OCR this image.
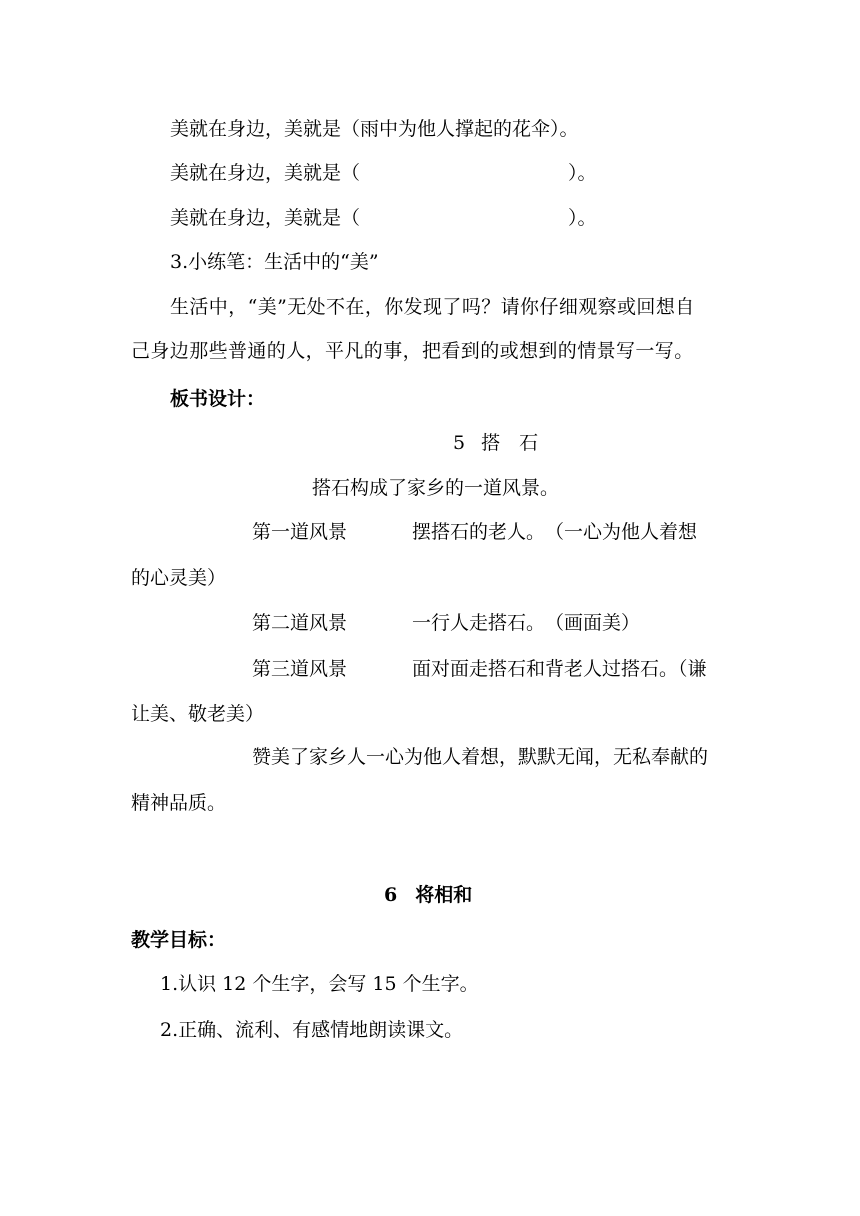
美就在身边，美就是（雨中为他人撑起的花伞）。
美就在身边，美就是（	）。
美就在身边，美就是（	）。
3.小练笔：生活中的“美”
生活中，“美”无处不在，你发现了吗？请你仔细观察或回想自
己身边那些普通的人，平凡的事，把看到的或想到的情景写一写。
板书设计：
5 搭　石
搭石构成了家乡的一道风景。
第一道风景	摆搭石的老人。　（一心为他人着想
的心灵美）
第二道风景	一行人走搭石。　（画面美）
第三道风景	面对面走搭石和背老人过搭石。（谦
让美、敬老美）
赞美了家乡人一心为他人着想，默默无闻，无私奉献的
精神品质。
6 将相和
教学目标：
1.认识 12 个生字，会写 15 个生字。
2.正确、流利、有感情地朗读课文。
